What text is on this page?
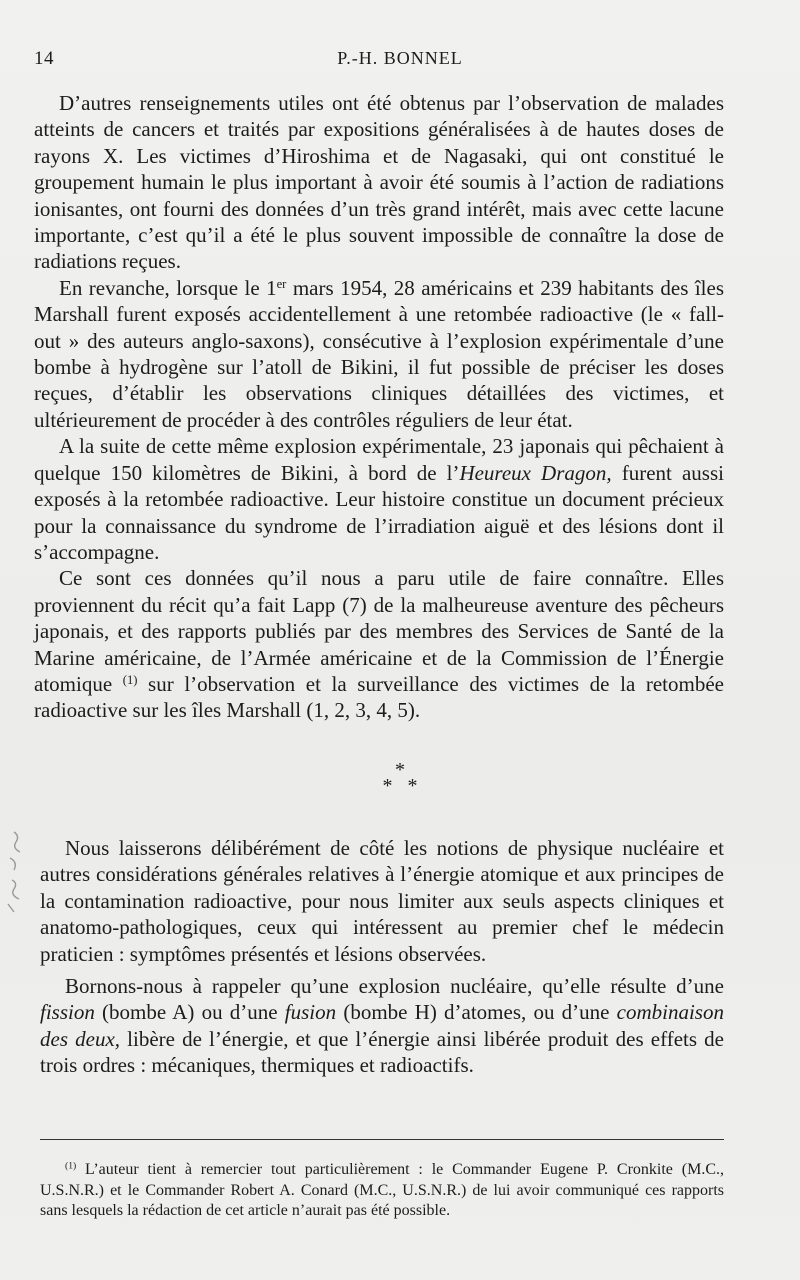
14	P.-H. BONNEL

D’autres renseignements utiles ont été obtenus par l’observation de malades atteints de cancers et traités par expositions généralisées à de hautes doses de rayons X. Les victimes d’Hiroshima et de Nagasaki, qui ont constitué le groupement humain le plus important à avoir été soumis à l’action de radiations ionisantes, ont fourni des données d’un très grand intérêt, mais avec cette lacune importante, c’est qu’il a été le plus souvent impossible de connaître la dose de radiations reçues.

En revanche, lorsque le 1er mars 1954, 28 américains et 239 habitants des îles Marshall furent exposés accidentellement à une retombée radioactive (le « fall-out » des auteurs anglo-saxons), consécutive à l’explosion expérimentale d’une bombe à hydrogène sur l’atoll de Bikini, il fut possible de préciser les doses reçues, d’établir les observations cliniques détaillées des victimes, et ultérieurement de procéder à des contrôles réguliers de leur état.

A la suite de cette même explosion expérimentale, 23 japonais qui pêchaient à quelque 150 kilomètres de Bikini, à bord de l’Heureux Dragon, furent aussi exposés à la retombée radioactive. Leur histoire constitue un document précieux pour la connaissance du syndrome de l’irradiation aiguë et des lésions dont il s’accompagne.

Ce sont ces données qu’il nous a paru utile de faire connaître. Elles proviennent du récit qu’a fait Lapp (7) de la malheureuse aventure des pêcheurs japonais, et des rapports publiés par des membres des Services de Santé de la Marine américaine, de l’Armée américaine et de la Commission de l’Énergie atomique $^{(1)}$ sur l’observation et la surveillance des victimes de la retombée radioactive sur les îles Marshall (1, 2, 3, 4, 5).

*
*   *

Nous laisserons délibérément de côté les notions de physique nucléaire et autres considérations générales relatives à l’énergie atomique et aux principes de la contamination radioactive, pour nous limiter aux seuls aspects cliniques et anatomo-pathologiques, ceux qui intéressent au premier chef le médecin praticien : symptômes présentés et lésions observées.

Bornons-nous à rappeler qu’une explosion nucléaire, qu’elle résulte d’une fission (bombe A) ou d’une fusion (bombe H) d’atomes, ou d’une combinaison des deux, libère de l’énergie, et que l’énergie ainsi libérée produit des effets de trois ordres : mécaniques, thermiques et radioactifs.

$^{(1)}$ L’auteur tient à remercier tout particulièrement : le Commander Eugene P. Cronkite (M.C., U.S.N.R.) et le Commander Robert A. Conard (M.C., U.S.N.R.) de lui avoir communiqué ces rapports sans lesquels la rédaction de cet article n’aurait pas été possible.
